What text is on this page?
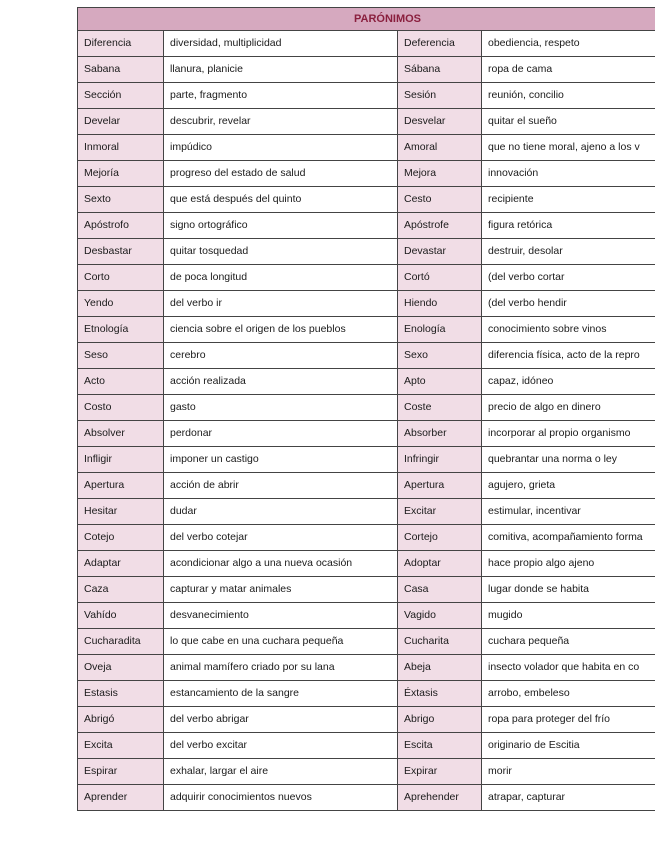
PARÓNIMOS			
Diferencia	diversidad, multiplicidad	Deferencia	obediencia, respeto
Sabana	llanura, planicie	Sábana	ropa de cama
Sección	parte, fragmento	Sesión	reunión, concilio
Develar	descubrir, revelar	Desvelar	quitar el sueño
Inmoral	impúdico	Amoral	que no tiene moral, ajeno a los v
Mejoría	progreso del estado de salud	Mejora	innovación
Sexto	que está después del quinto	Cesto	recipiente
Apóstrofo	signo ortográfico	Apóstrofe	figura retórica
Desbastar	quitar tosquedad	Devastar	destruir, desolar
Corto	de poca longitud	Cortó	(del verbo cortar
Yendo	del verbo ir	Hiendo	(del verbo hendir
Etnología	ciencia sobre el origen de los pueblos	Enología	conocimiento sobre vinos
Seso	cerebro	Sexo	diferencia física, acto de la repro
Acto	acción realizada	Apto	capaz, idóneo
Costo	gasto	Coste	precio de algo en dinero
Absolver	perdonar	Absorber	incorporar al propio organismo
Infligir	imponer un castigo	Infringir	quebrantar una norma o ley
Apertura	acción de abrir	Apertura	agujero, grieta
Hesitar	dudar	Excitar	estimular, incentivar
Cotejo	del verbo cotejar	Cortejo	comitiva, acompañamiento forma
Adaptar	acondicionar algo a una nueva ocasión	Adoptar	hace propio algo ajeno
Caza	capturar y matar animales	Casa	lugar donde se habita
Vahído	desvanecimiento	Vagido	mugido
Cucharadita	lo que cabe en una cuchara pequeña	Cucharita	cuchara pequeña
Oveja	animal mamífero criado por su lana	Abeja	insecto volador que habita en co
Estasis	estancamiento de la sangre	Éxtasis	arrobo, embeleso
Abrigó	del verbo abrigar	Abrigo	ropa para proteger del frío
Excita	del verbo excitar	Escita	originario de Escitia
Espirar	exhalar, largar el aire	Expirar	morir
Aprender	adquirir conocimientos nuevos	Aprehender	atrapar, capturar
